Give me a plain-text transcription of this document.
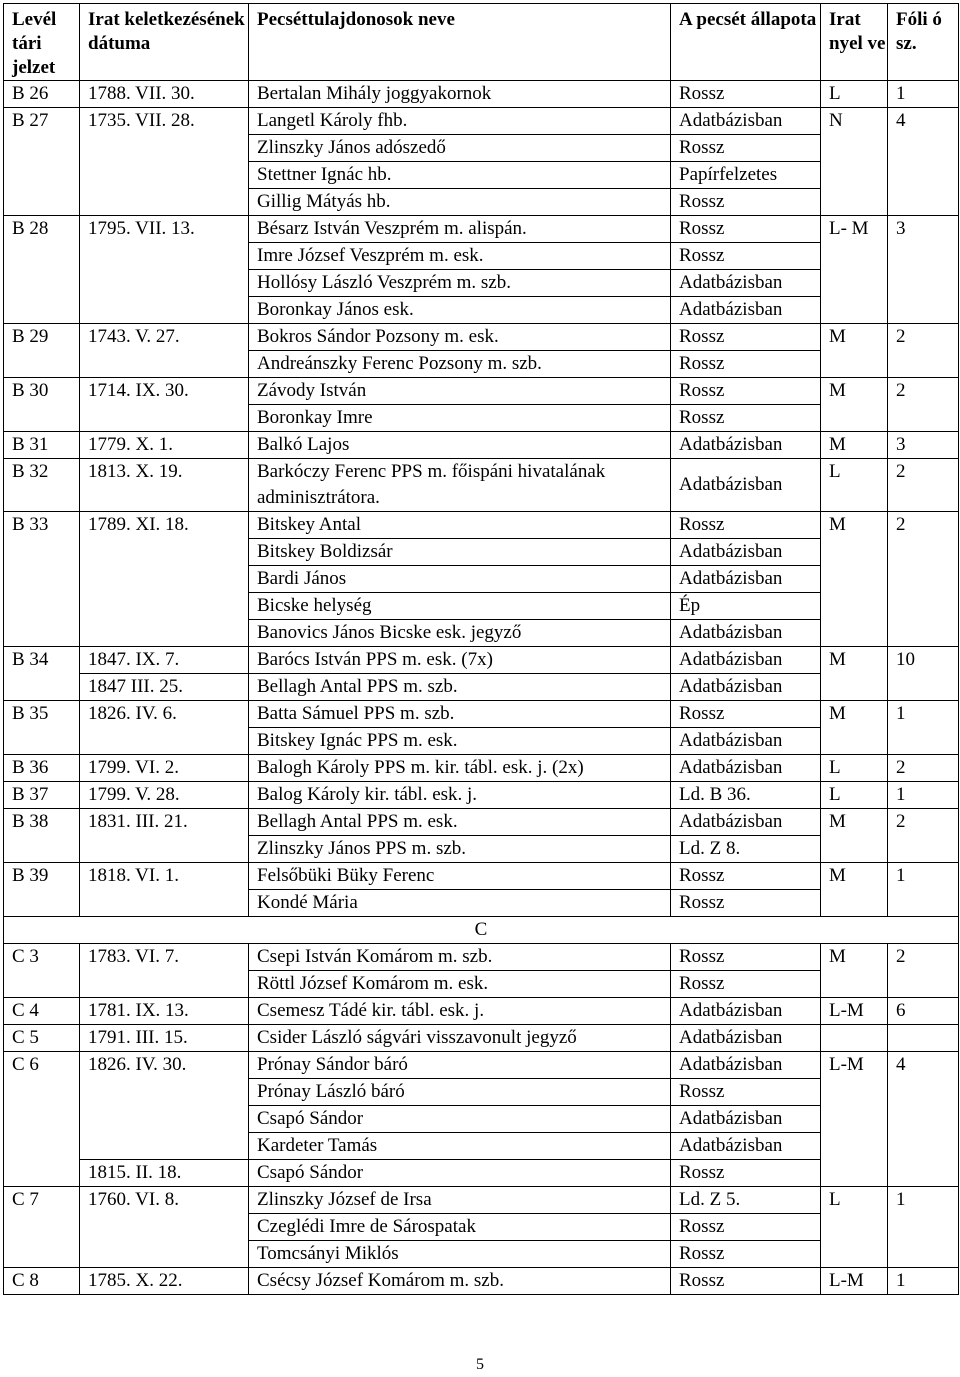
Levél tári jelzet	Irat keletkezésének dátuma	Pecséttulajdonosok neve	A pecsét állapota	Irat nyel ve	Fóli ó sz.
B 26	1788. VII. 30.	Bertalan Mihály joggyakornok	Rossz	L	1
B 27	1735. VII. 28.	Langetl Károly fhb.	Adatbázisban	N	4
		Zlinszky János adószedő	Rossz		
		Stettner Ignác hb.	Papírfelzetes		
		Gillig Mátyás hb.	Rossz		
B 28	1795. VII. 13.	Bésarz István Veszprém m. alispán.	Rossz	L- M	3
		Imre József Veszprém m. esk.	Rossz		
		Hollósy László Veszprém m. szb.	Adatbázisban		
		Boronkay János esk.	Adatbázisban		
B 29	1743. V. 27.	Bokros Sándor Pozsony m. esk.	Rossz	M	2
		Andreánszky Ferenc Pozsony m. szb.	Rossz		
B 30	1714. IX. 30.	Závody István	Rossz	M	2
		Boronkay Imre	Rossz		
B 31	1779. X. 1.	Balkó Lajos	Adatbázisban	M	3
B 32	1813. X. 19.	Barkóczy Ferenc PPS m. főispáni hivatalának adminisztrátora.	Adatbázisban	L	2
B 33	1789. XI. 18.	Bitskey Antal	Rossz	M	2
		Bitskey Boldizsár	Adatbázisban		
		Bardi János	Adatbázisban		
		Bicske helység	Ép		
		Banovics János Bicske esk. jegyző	Adatbázisban		
B 34	1847. IX. 7.	Barócs István PPS m. esk. (7x)	Adatbázisban	M	10
	1847 III. 25.	Bellagh Antal PPS m. szb.	Adatbázisban		
B 35	1826. IV. 6.	Batta Sámuel PPS m. szb.	Rossz	M	1
		Bitskey Ignác PPS m. esk.	Adatbázisban		
B 36	1799. VI. 2.	Balogh Károly PPS m. kir. tábl. esk. j. (2x)	Adatbázisban	L	2
B 37	1799. V. 28.	Balog Károly kir. tábl. esk. j.	Ld. B 36.	L	1
B 38	1831. III. 21.	Bellagh Antal PPS m. esk.	Adatbázisban	M	2
		Zlinszky János PPS m. szb.	Ld. Z 8.		
B 39	1818. VI. 1.	Felsőbüki Büky Ferenc	Rossz	M	1
		Kondé Mária	Rossz		
C					
C 3	1783. VI. 7.	Csepi István Komárom m. szb.	Rossz	M	2
		Röttl József Komárom m. esk.	Rossz		
C 4	1781. IX. 13.	Csemesz Tádé kir. tábl. esk. j.	Adatbázisban	L-M	6
C 5	1791. III. 15.	Csider László ságvári visszavonult jegyző	Adatbázisban		
C 6	1826. IV. 30.	Prónay Sándor báró	Adatbázisban	L-M	4
		Prónay László báró	Rossz		
		Csapó Sándor	Adatbázisban		
		Kardeter Tamás	Adatbázisban		
	1815. II. 18.	Csapó Sándor	Rossz		
C 7	1760. VI. 8.	Zlinszky József de Irsa	Ld. Z 5.	L	1
		Czeglédi Imre de Sárospatak	Rossz		
		Tomcsányi Miklós	Rossz		
C 8	1785. X. 22.	Csécsy József Komárom m. szb.	Rossz	L-M	1
5
